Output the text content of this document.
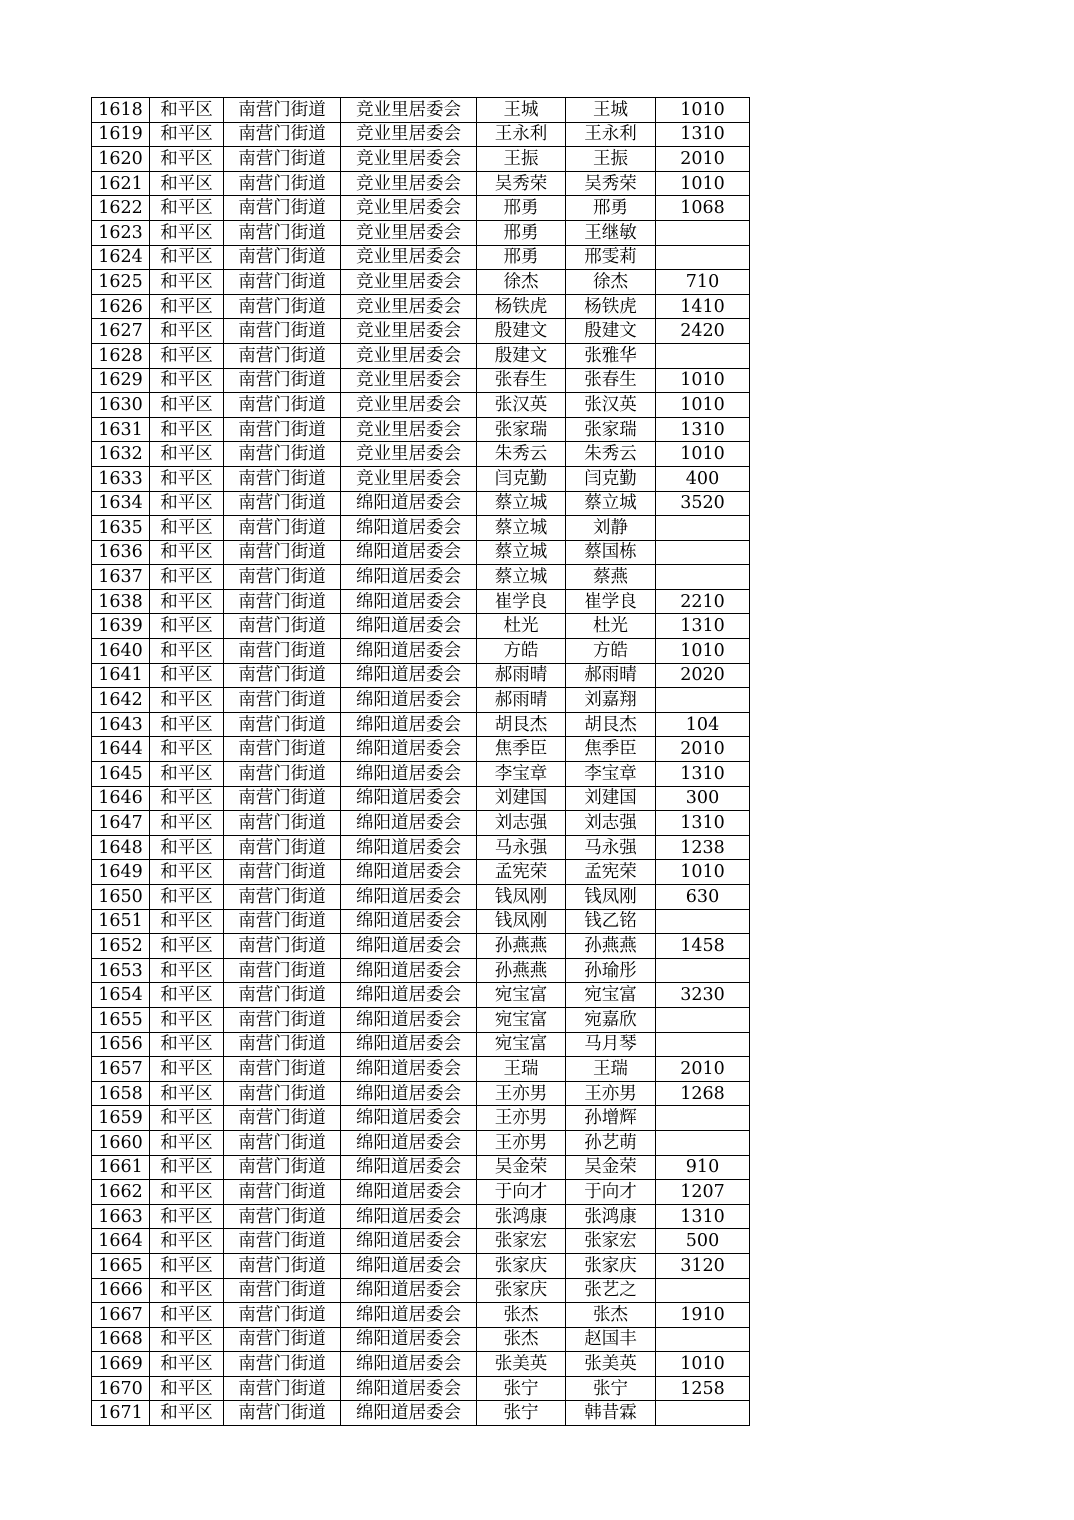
1618	和平区	南营门街道	竞业里居委会	王城	王城	1010
1619	和平区	南营门街道	竞业里居委会	王永利	王永利	1310
1620	和平区	南营门街道	竞业里居委会	王振	王振	2010
1621	和平区	南营门街道	竞业里居委会	吴秀荣	吴秀荣	1010
1622	和平区	南营门街道	竞业里居委会	邢勇	邢勇	1068
1623	和平区	南营门街道	竞业里居委会	邢勇	王继敏	
1624	和平区	南营门街道	竞业里居委会	邢勇	邢雯莉	
1625	和平区	南营门街道	竞业里居委会	徐杰	徐杰	710
1626	和平区	南营门街道	竞业里居委会	杨铁虎	杨铁虎	1410
1627	和平区	南营门街道	竞业里居委会	殷建文	殷建文	2420
1628	和平区	南营门街道	竞业里居委会	殷建文	张雅华	
1629	和平区	南营门街道	竞业里居委会	张春生	张春生	1010
1630	和平区	南营门街道	竞业里居委会	张汉英	张汉英	1010
1631	和平区	南营门街道	竞业里居委会	张家瑞	张家瑞	1310
1632	和平区	南营门街道	竞业里居委会	朱秀云	朱秀云	1010
1633	和平区	南营门街道	竞业里居委会	闫克勤	闫克勤	400
1634	和平区	南营门街道	绵阳道居委会	蔡立城	蔡立城	3520
1635	和平区	南营门街道	绵阳道居委会	蔡立城	刘静	
1636	和平区	南营门街道	绵阳道居委会	蔡立城	蔡国栋	
1637	和平区	南营门街道	绵阳道居委会	蔡立城	蔡燕	
1638	和平区	南营门街道	绵阳道居委会	崔学良	崔学良	2210
1639	和平区	南营门街道	绵阳道居委会	杜光	杜光	1310
1640	和平区	南营门街道	绵阳道居委会	方皓	方皓	1010
1641	和平区	南营门街道	绵阳道居委会	郝雨晴	郝雨晴	2020
1642	和平区	南营门街道	绵阳道居委会	郝雨晴	刘嘉翔	
1643	和平区	南营门街道	绵阳道居委会	胡艮杰	胡艮杰	104
1644	和平区	南营门街道	绵阳道居委会	焦季臣	焦季臣	2010
1645	和平区	南营门街道	绵阳道居委会	李宝章	李宝章	1310
1646	和平区	南营门街道	绵阳道居委会	刘建国	刘建国	300
1647	和平区	南营门街道	绵阳道居委会	刘志强	刘志强	1310
1648	和平区	南营门街道	绵阳道居委会	马永强	马永强	1238
1649	和平区	南营门街道	绵阳道居委会	孟宪荣	孟宪荣	1010
1650	和平区	南营门街道	绵阳道居委会	钱凤刚	钱凤刚	630
1651	和平区	南营门街道	绵阳道居委会	钱凤刚	钱乙铭	
1652	和平区	南营门街道	绵阳道居委会	孙燕燕	孙燕燕	1458
1653	和平区	南营门街道	绵阳道居委会	孙燕燕	孙瑜彤	
1654	和平区	南营门街道	绵阳道居委会	宛宝富	宛宝富	3230
1655	和平区	南营门街道	绵阳道居委会	宛宝富	宛嘉欣	
1656	和平区	南营门街道	绵阳道居委会	宛宝富	马月琴	
1657	和平区	南营门街道	绵阳道居委会	王瑞	王瑞	2010
1658	和平区	南营门街道	绵阳道居委会	王亦男	王亦男	1268
1659	和平区	南营门街道	绵阳道居委会	王亦男	孙增辉	
1660	和平区	南营门街道	绵阳道居委会	王亦男	孙艺萌	
1661	和平区	南营门街道	绵阳道居委会	吴金荣	吴金荣	910
1662	和平区	南营门街道	绵阳道居委会	于向才	于向才	1207
1663	和平区	南营门街道	绵阳道居委会	张鸿康	张鸿康	1310
1664	和平区	南营门街道	绵阳道居委会	张家宏	张家宏	500
1665	和平区	南营门街道	绵阳道居委会	张家庆	张家庆	3120
1666	和平区	南营门街道	绵阳道居委会	张家庆	张艺之	
1667	和平区	南营门街道	绵阳道居委会	张杰	张杰	1910
1668	和平区	南营门街道	绵阳道居委会	张杰	赵国丰	
1669	和平区	南营门街道	绵阳道居委会	张美英	张美英	1010
1670	和平区	南营门街道	绵阳道居委会	张宁	张宁	1258
1671	和平区	南营门街道	绵阳道居委会	张宁	韩昔霖	
